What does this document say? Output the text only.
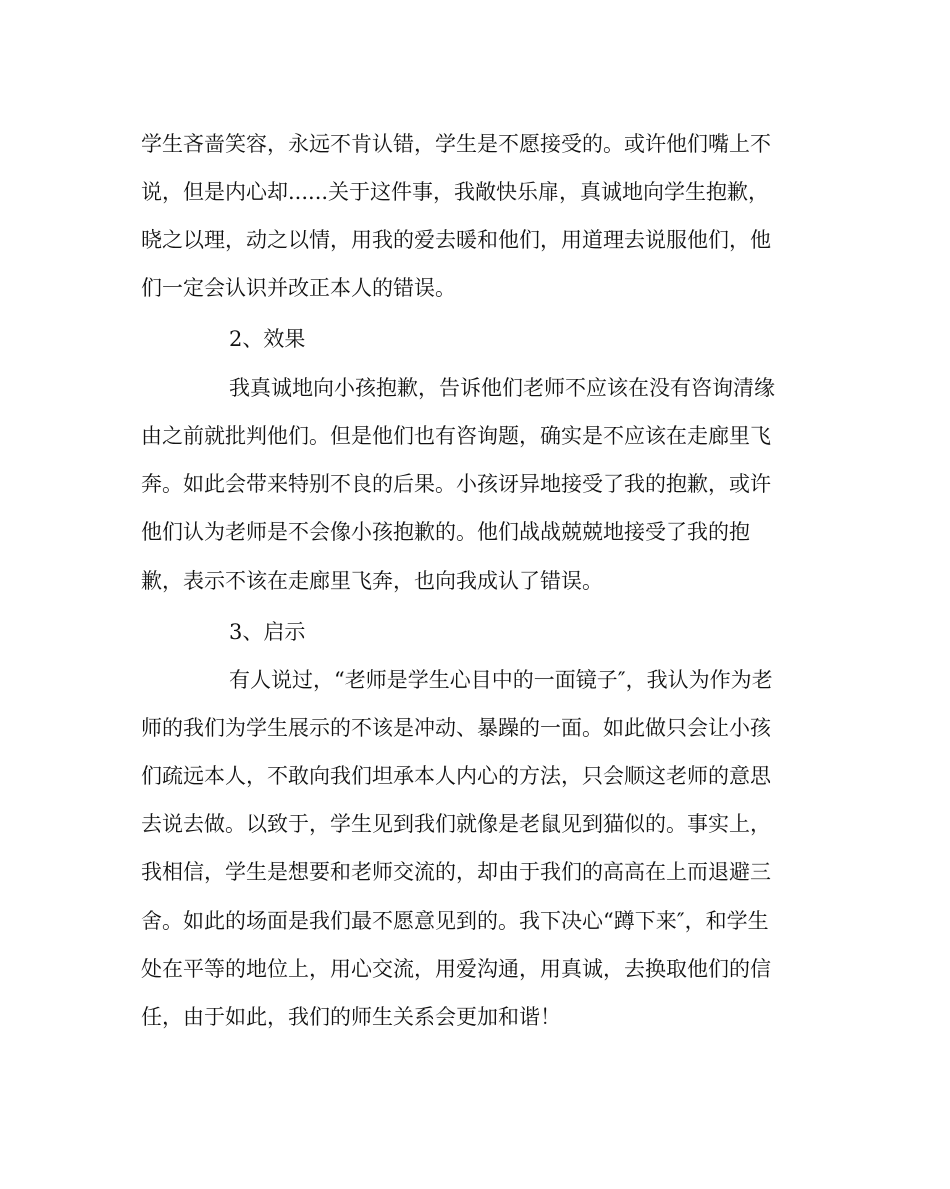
学生吝啬笑容，永远不肯认错，学生是不愿接受的。或许他们嘴上不
说，但是内心却......关于这件事，我敞快乐扉，真诚地向学生抱歉，
晓之以理，动之以情，用我的爱去暖和他们，用道理去说服他们，他
们一定会认识并改正本人的错误。
2、效果
我真诚地向小孩抱歉，告诉他们老师不应该在没有咨询清缘
由之前就批判他们。但是他们也有咨询题，确实是不应该在走廊里飞
奔。如此会带来特别不良的后果。小孩讶异地接受了我的抱歉，或许
他们认为老师是不会像小孩抱歉的。他们战战兢兢地接受了我的抱
歉，表示不该在走廊里飞奔，也向我成认了错误。
3、启示
有人说过，“老师是学生心目中的一面镜子″，我认为作为老
师的我们为学生展示的不该是冲动、暴躁的一面。如此做只会让小孩
们疏远本人，不敢向我们坦承本人内心的方法，只会顺这老师的意思
去说去做。以致于，学生见到我们就像是老鼠见到猫似的。事实上，
我相信，学生是想要和老师交流的，却由于我们的高高在上而退避三
舍。如此的场面是我们最不愿意见到的。我下决心“蹲下来″，和学生
处在平等的地位上，用心交流，用爱沟通，用真诚，去换取他们的信
任，由于如此，我们的师生关系会更加和谐！
